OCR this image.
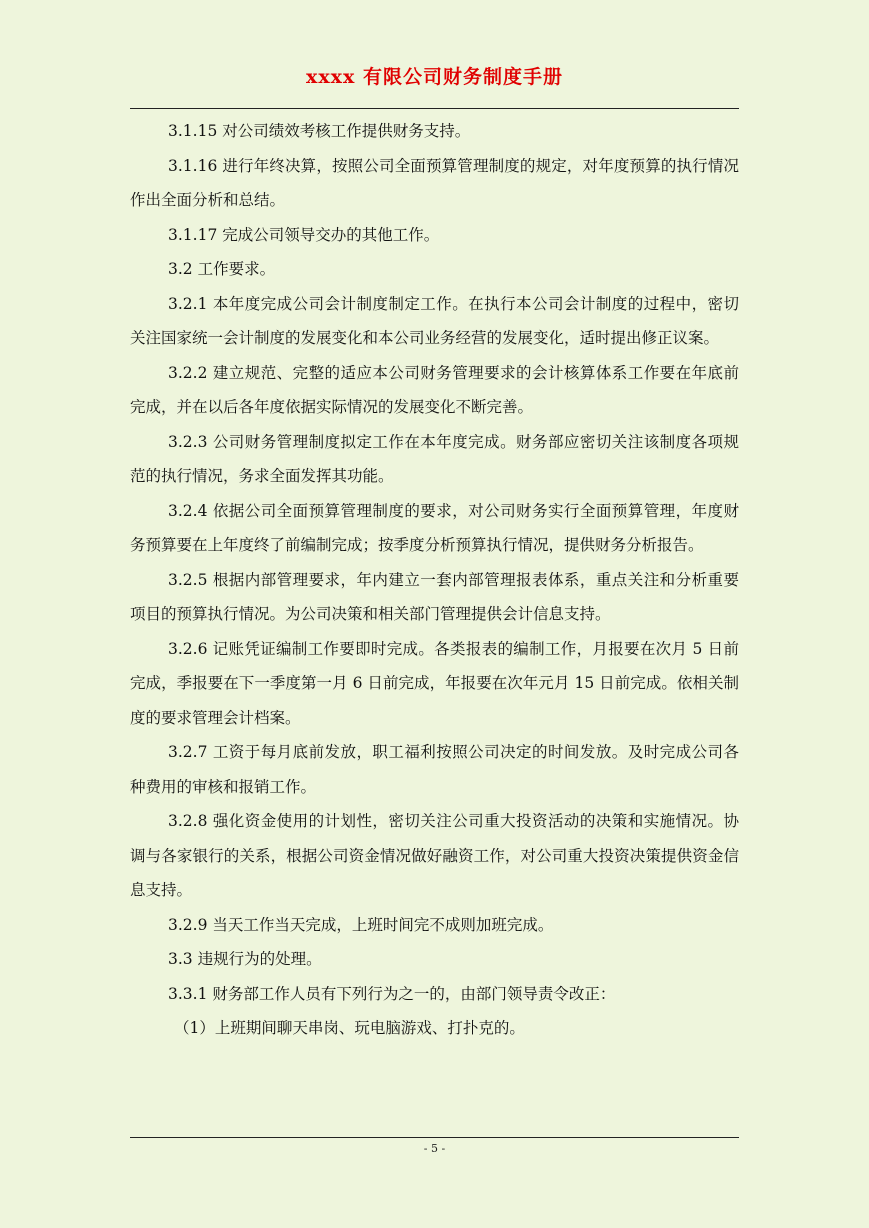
xxxx 有限公司财务制度手册

3.1.15 对公司绩效考核工作提供财务支持。

3.1.16 进行年终决算，按照公司全面预算管理制度的规定，对年度预算的执行情况作出全面分析和总结。

3.1.17 完成公司领导交办的其他工作。

3.2 工作要求。

3.2.1 本年度完成公司会计制度制定工作。在执行本公司会计制度的过程中，密切关注国家统一会计制度的发展变化和本公司业务经营的发展变化，适时提出修正议案。

3.2.2 建立规范、完整的适应本公司财务管理要求的会计核算体系工作要在年底前完成，并在以后各年度依据实际情况的发展变化不断完善。

3.2.3 公司财务管理制度拟定工作在本年度完成。财务部应密切关注该制度各项规范的执行情况，务求全面发挥其功能。

3.2.4 依据公司全面预算管理制度的要求，对公司财务实行全面预算管理，年度财务预算要在上年度终了前编制完成；按季度分析预算执行情况，提供财务分析报告。

3.2.5 根据内部管理要求，年内建立一套内部管理报表体系，重点关注和分析重要项目的预算执行情况。为公司决策和相关部门管理提供会计信息支持。

3.2.6 记账凭证编制工作要即时完成。各类报表的编制工作，月报要在次月 5 日前完成，季报要在下一季度第一月 6 日前完成，年报要在次年元月 15 日前完成。依相关制度的要求管理会计档案。

3.2.7 工资于每月底前发放，职工福利按照公司决定的时间发放。及时完成公司各种费用的审核和报销工作。

3.2.8 强化资金使用的计划性，密切关注公司重大投资活动的决策和实施情况。协调与各家银行的关系，根据公司资金情况做好融资工作，对公司重大投资决策提供资金信息支持。

3.2.9 当天工作当天完成，上班时间完不成则加班完成。

3.3 违规行为的处理。

3.3.1 财务部工作人员有下列行为之一的，由部门领导责令改正：

（1）上班期间聊天串岗、玩电脑游戏、打扑克的。

- 5 -
